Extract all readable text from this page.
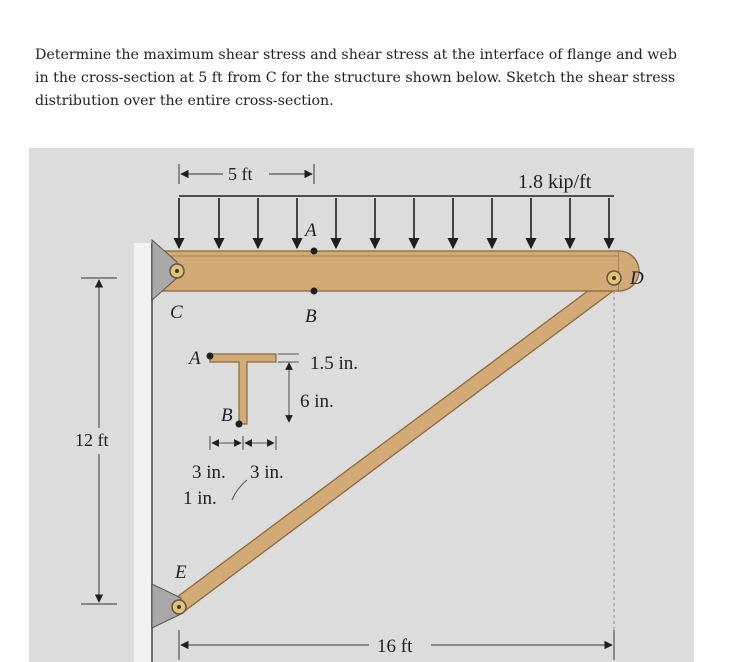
Determine the maximum shear stress and shear stress at the interface of flange and web

in the cross-section at 5 ft from C for the structure shown below. Sketch the shear stress

distribution over the entire cross-section.

12 ft
1.8 kip/ft
5 ft
A
B
C
D
E
A
B
1.5 in.
6 in.
3 in. 3 in.
1 in.
16 ft
